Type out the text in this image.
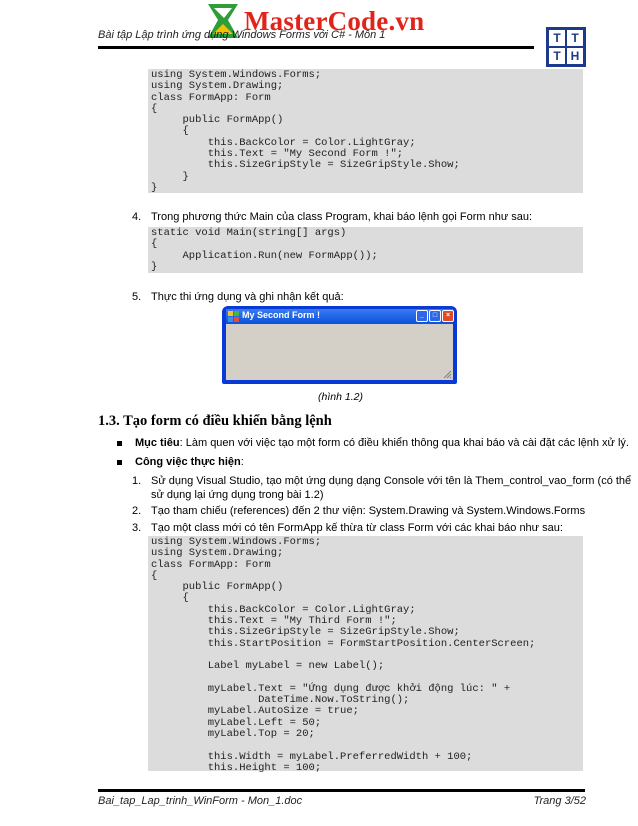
MasterCode.vn
Bài tập Lập trình ứng dụng Windows Forms với C# - Môn 1	T T
T H
using System.Windows.Forms;
using System.Drawing;
class FormApp: Form
{
public FormApp()
{
this.BackColor = Color.LightGray;
this.Text = "My Second Form !";
this.SizeGripStyle = SizeGripStyle.Show;
}
}
4. Trong phương thức Main của class Program, khai báo lệnh gọi Form như sau:
static void Main(string[] args)
{
Application.Run(new FormApp());
}
5. Thực thi ứng dụng và ghi nhận kết quả:
My Second Form !	_	□	×
(hình 1.2)
1.3. Tạo form có điều khiển bằng lệnh
Mục tiêu: Làm quen với việc tạo một form có điều khiển thông qua khai báo và cài đặt các lệnh xử lý.
Công việc thực hiện:
1. Sử dụng Visual Studio, tạo một ứng dụng dạng Console với tên là Them_control_vao_form (có thể
sử dụng lại ứng dụng trong bài 1.2)
2. Tạo tham chiếu (references) đến 2 thư viện: System.Drawing và System.Windows.Forms
3. Tạo một class mới có tên FormApp kế thừa từ class Form với các khai báo như sau:
using System.Windows.Forms;
using System.Drawing;
class FormApp: Form
{
public FormApp()
{
this.BackColor = Color.LightGray;
this.Text = "My Third Form !";
this.SizeGripStyle = SizeGripStyle.Show;
this.StartPosition = FormStartPosition.CenterScreen;
Label myLabel = new Label();
myLabel.Text = "Ứng dụng được khởi động lúc: " +
DateTime.Now.ToString();
myLabel.AutoSize = true;
myLabel.Left = 50;
myLabel.Top = 20;
this.Width = myLabel.PreferredWidth + 100;
this.Height = 100;
Bai_tap_Lap_trinh_WinForm - Mon_1.doc	Trang 3/52
